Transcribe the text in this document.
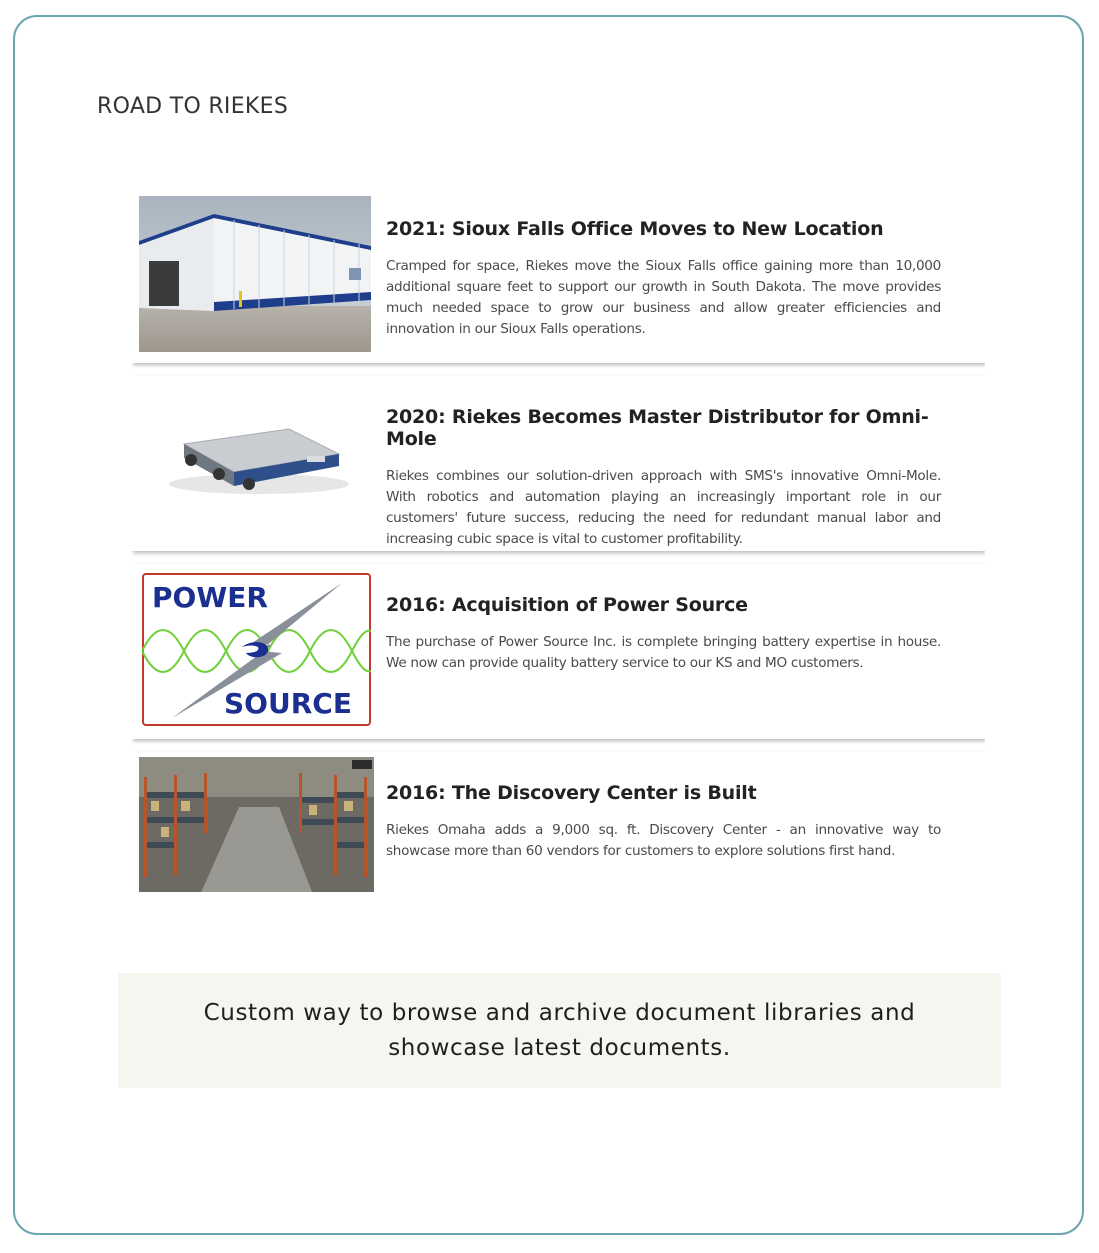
ROAD TO RIEKES
2021: Sioux Falls Office Moves to New Location

Cramped for space, Riekes move the Sioux Falls office gaining more than 10,000 additional square feet to support our growth in South Dakota. The move provides much needed space to grow our business and allow greater efficiencies and innovation in our Sioux Falls operations.

2020: Riekes Becomes Master Distributor for Omni-Mole

Riekes combines our solution-driven approach with SMS's innovative Omni-Mole. With robotics and automation playing an increasingly important role in our customers' future success, reducing the need for redundant manual labor and increasing cubic space is vital to customer profitability.

POWER
SOURCE
2016: Acquisition of Power Source

The purchase of Power Source Inc. is complete bringing battery expertise in house. We now can provide quality battery service to our KS and MO customers.

2016: The Discovery Center is Built

Riekes Omaha adds a 9,000 sq. ft. Discovery Center - an innovative way to showcase more than 60 vendors for customers to explore solutions first hand.

Custom way to browse and archive document libraries and
showcase latest documents.
